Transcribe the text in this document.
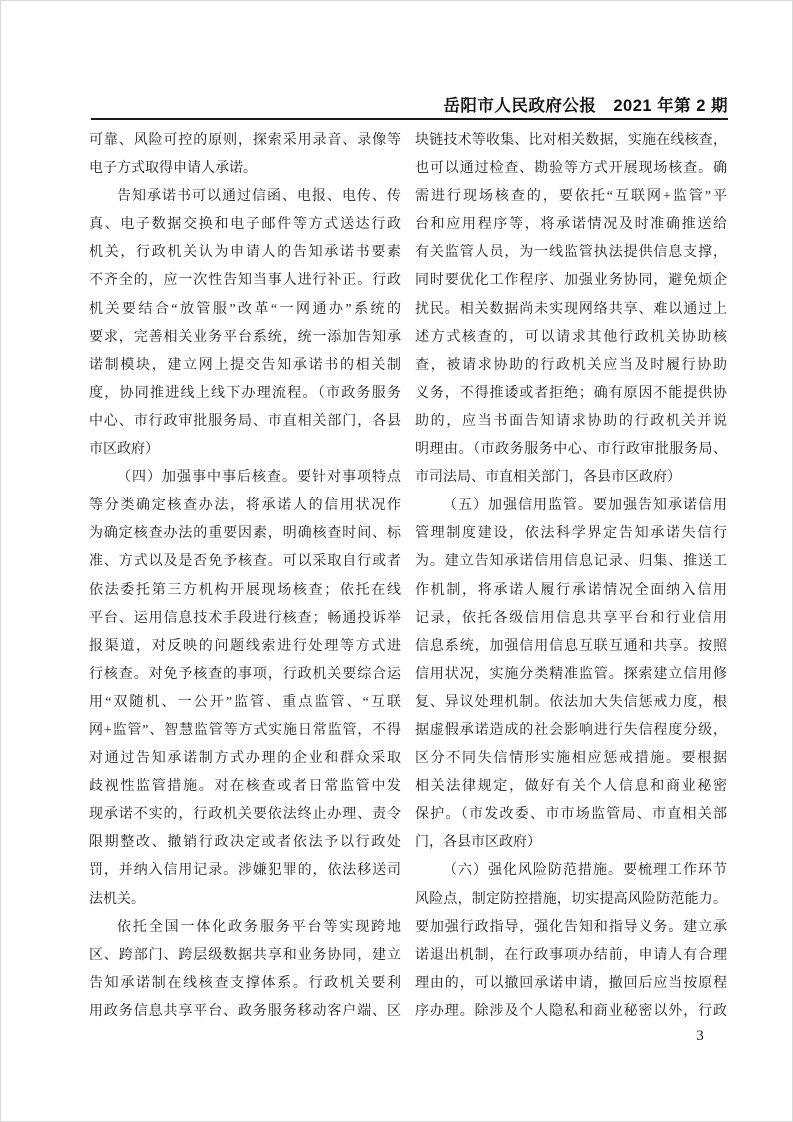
岳阳市人民政府公报　2021 年第 2 期
可靠、风险可控的原则，探索采用录音、录像等
电子方式取得申请人承诺。
告知承诺书可以通过信函、电报、电传、传
真、电子数据交换和电子邮件等方式送达行政
机关，行政机关认为申请人的告知承诺书要素
不齐全的，应一次性告知当事人进行补正。行政
机关要结合“放管服”改革“一网通办”系统的
要求，完善相关业务平台系统，统一添加告知承
诺制模块，建立网上提交告知承诺书的相关制
度，协同推进线上线下办理流程。（市政务服务
中心、市行政审批服务局、市直相关部门，各县
市区政府）
（四）加强事中事后核查。要针对事项特点
等分类确定核查办法，将承诺人的信用状况作
为确定核查办法的重要因素，明确核查时间、标
准、方式以及是否免予核查。可以采取自行或者
依法委托第三方机构开展现场核查；依托在线
平台、运用信息技术手段进行核查；畅通投诉举
报渠道，对反映的问题线索进行处理等方式进
行核查。对免予核查的事项，行政机关要综合运
用“双随机、一公开”监管、重点监管、“互联
网+监管”、智慧监管等方式实施日常监管，不得
对通过告知承诺制方式办理的企业和群众采取
歧视性监管措施。对在核查或者日常监管中发
现承诺不实的，行政机关要依法终止办理、责令
限期整改、撤销行政决定或者依法予以行政处
罚，并纳入信用记录。涉嫌犯罪的，依法移送司
法机关。
依托全国一体化政务服务平台等实现跨地
区、跨部门、跨层级数据共享和业务协同，建立
告知承诺制在线核查支撑体系。行政机关要利
用政务信息共享平台、政务服务移动客户端、区
块链技术等收集、比对相关数据，实施在线核查，
也可以通过检查、勘验等方式开展现场核查。确
需进行现场核查的，要依托“互联网+监管”平
台和应用程序等，将承诺情况及时准确推送给
有关监管人员，为一线监管执法提供信息支撑，
同时要优化工作程序、加强业务协同，避免烦企
扰民。相关数据尚未实现网络共享、难以通过上
述方式核查的，可以请求其他行政机关协助核
查，被请求协助的行政机关应当及时履行协助
义务，不得推诿或者拒绝；确有原因不能提供协
助的，应当书面告知请求协助的行政机关并说
明理由。（市政务服务中心、市行政审批服务局、
市司法局、市直相关部门，各县市区政府）
（五）加强信用监管。要加强告知承诺信用
管理制度建设，依法科学界定告知承诺失信行
为。建立告知承诺信用信息记录、归集、推送工
作机制，将承诺人履行承诺情况全面纳入信用
记录，依托各级信用信息共享平台和行业信用
信息系统，加强信用信息互联互通和共享。按照
信用状况，实施分类精准监管。探索建立信用修
复、异议处理机制。依法加大失信惩戒力度，根
据虚假承诺造成的社会影响进行失信程度分级，
区分不同失信情形实施相应惩戒措施。要根据
相关法律规定，做好有关个人信息和商业秘密
保护。（市发改委、市市场监管局、市直相关部
门，各县市区政府）
（六）强化风险防范措施。要梳理工作环节
风险点，制定防控措施，切实提高风险防范能力。
要加强行政指导，强化告知和指导义务。建立承
诺退出机制，在行政事项办结前，申请人有合理
理由的，可以撤回承诺申请，撤回后应当按原程
序办理。除涉及个人隐私和商业秘密以外，行政
3
